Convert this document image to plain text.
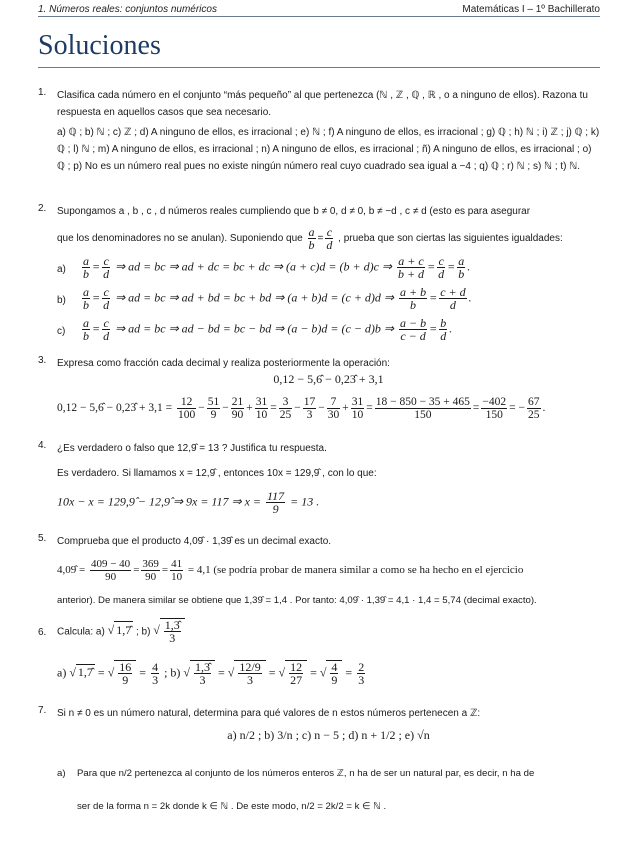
1. Números reales: conjuntos numéricos	Matemáticas I – 1º Bachillerato
Soluciones
1. Clasifica cada número en el conjunto “más pequeño” al que pertenezca (ℕ , ℤ , ℚ , ℝ , o a ninguno de ellos). Razona tu respuesta en aquellos casos que sea necesario.
a) ℚ ; b) ℕ ; c) ℤ ; d) A ninguno de ellos, es irracional ; e) ℕ ; f) A ninguno de ellos, es irracional ; g) ℚ ; h) ℕ ; i) ℤ ; j) ℚ ; k) ℚ ; l) ℕ ; m) A ninguno de ellos, es irracional ; n) A ninguno de ellos, es irracional ; ñ) A ninguno de ellos, es irracional ; o) ℚ ; p) No es un número real pues no existe ningún número real cuyo cuadrado sea igual a −4 ; q) ℚ ; r) ℕ ; s) ℕ ; t) ℕ.
2. Supongamos a , b , c , d números reales cumpliendo que b ≠ 0, d ≠ 0, b ≠ −d , c ≠ d (esto es para asegurar
que los denominadores no se anulan). Suponiendo que $\frac{a}{b} = \frac{c}{d}$ , prueba que son ciertas las siguientes igualdades:
$a) \frac{a}{b} = \frac{c}{d}$ ⇒ ad = bc ⇒ ad + dc = bc + dc ⇒ (a + c)d = (b + d)c ⇒ $\frac{a + c}{b + d} = \frac{c}{d} = \frac{a}{b}$ .
$b) \frac{a}{b} = \frac{c}{d}$ ⇒ ad = bc ⇒ ad + bd = bc + bd ⇒ (a + b)d = (c + d)d ⇒ $\frac{a + b}{b} = \frac{c + d}{d}$ .
$c) \frac{a}{b} = \frac{c}{d}$ ⇒ ad = bc ⇒ ad − bd = bc − bd ⇒ (a − b)d = (c − d)b ⇒ $\frac{a - b}{c - d} = \frac{b}{d}$ .
3. Expresa como fracción cada decimal y realiza posteriormente la operación:
0,12 − 5,6̂ − 0,23̂ + 3,1
0,12 − 5,6̂ − 0,23̂ + $3,1 = \frac{12}{100} - \frac{51}{9} - \frac{21}{90} + \frac{31}{10} = \frac{3}{25} - \frac{17}{3} - \frac{7}{30} + \frac{31}{10} = \frac{18 - 850 - 35 + 465}{150} = \frac{-402}{150}$ = − $\frac{67}{25}$ .
4. ¿Es verdadero o falso que 12,9̂ = 13 ? Justifica tu respuesta.
Es verdadero. Si llamamos x = 12,9̂ , entonces 10x = 129,9̂ , con lo que:
10x − x = 129,9̂ − 12,9̂ ⇒ 9x = 117 ⇒ $x = \frac{117}{9} = 13$ .
5. Comprueba que el producto 4,09̂ · 1,39̂ es un decimal exacto.
4,09̂ = $\frac{409 - 40}{90} = \frac{369}{90} = \frac{41}{10} = 4,1$ (se podría probar de manera similar a como se ha hecho en el ejercicio
anterior). De manera similar se obtiene que 1,39̂ = 1,4 . Por tanto: 4,09̂ · 1,39̂ = 4,1 · 1,4 = 5,74 (decimal exacto).
6. Calcula: a) √ 1,7̂ ; b) √ $\frac{1,3̂}{3}$
a) √ 1,7̂ = √ $\frac{16}{9} = \frac{4}{3}$ ; b) √ $\frac{1,3̂}{3}$ = √ $\frac{12/9}{3}$ = √ $\frac{12}{27}$ = √ $\frac{4}{9} = \frac{2}{3}$
7. Si n ≠ 0 es un número natural, determina para qué valores de n estos números pertenecen a ℤ:
a) n/2 ; b) 3/n ; c) n − 5 ; d) n + 1/2 ; e) √n
a) Para que n/2 pertenezca al conjunto de los números enteros ℤ, n ha de ser un natural par, es decir, n ha de
ser de la forma n = 2k donde k ∈ ℕ . De este modo, n/2 = 2k/2 = k ∈ ℕ .
